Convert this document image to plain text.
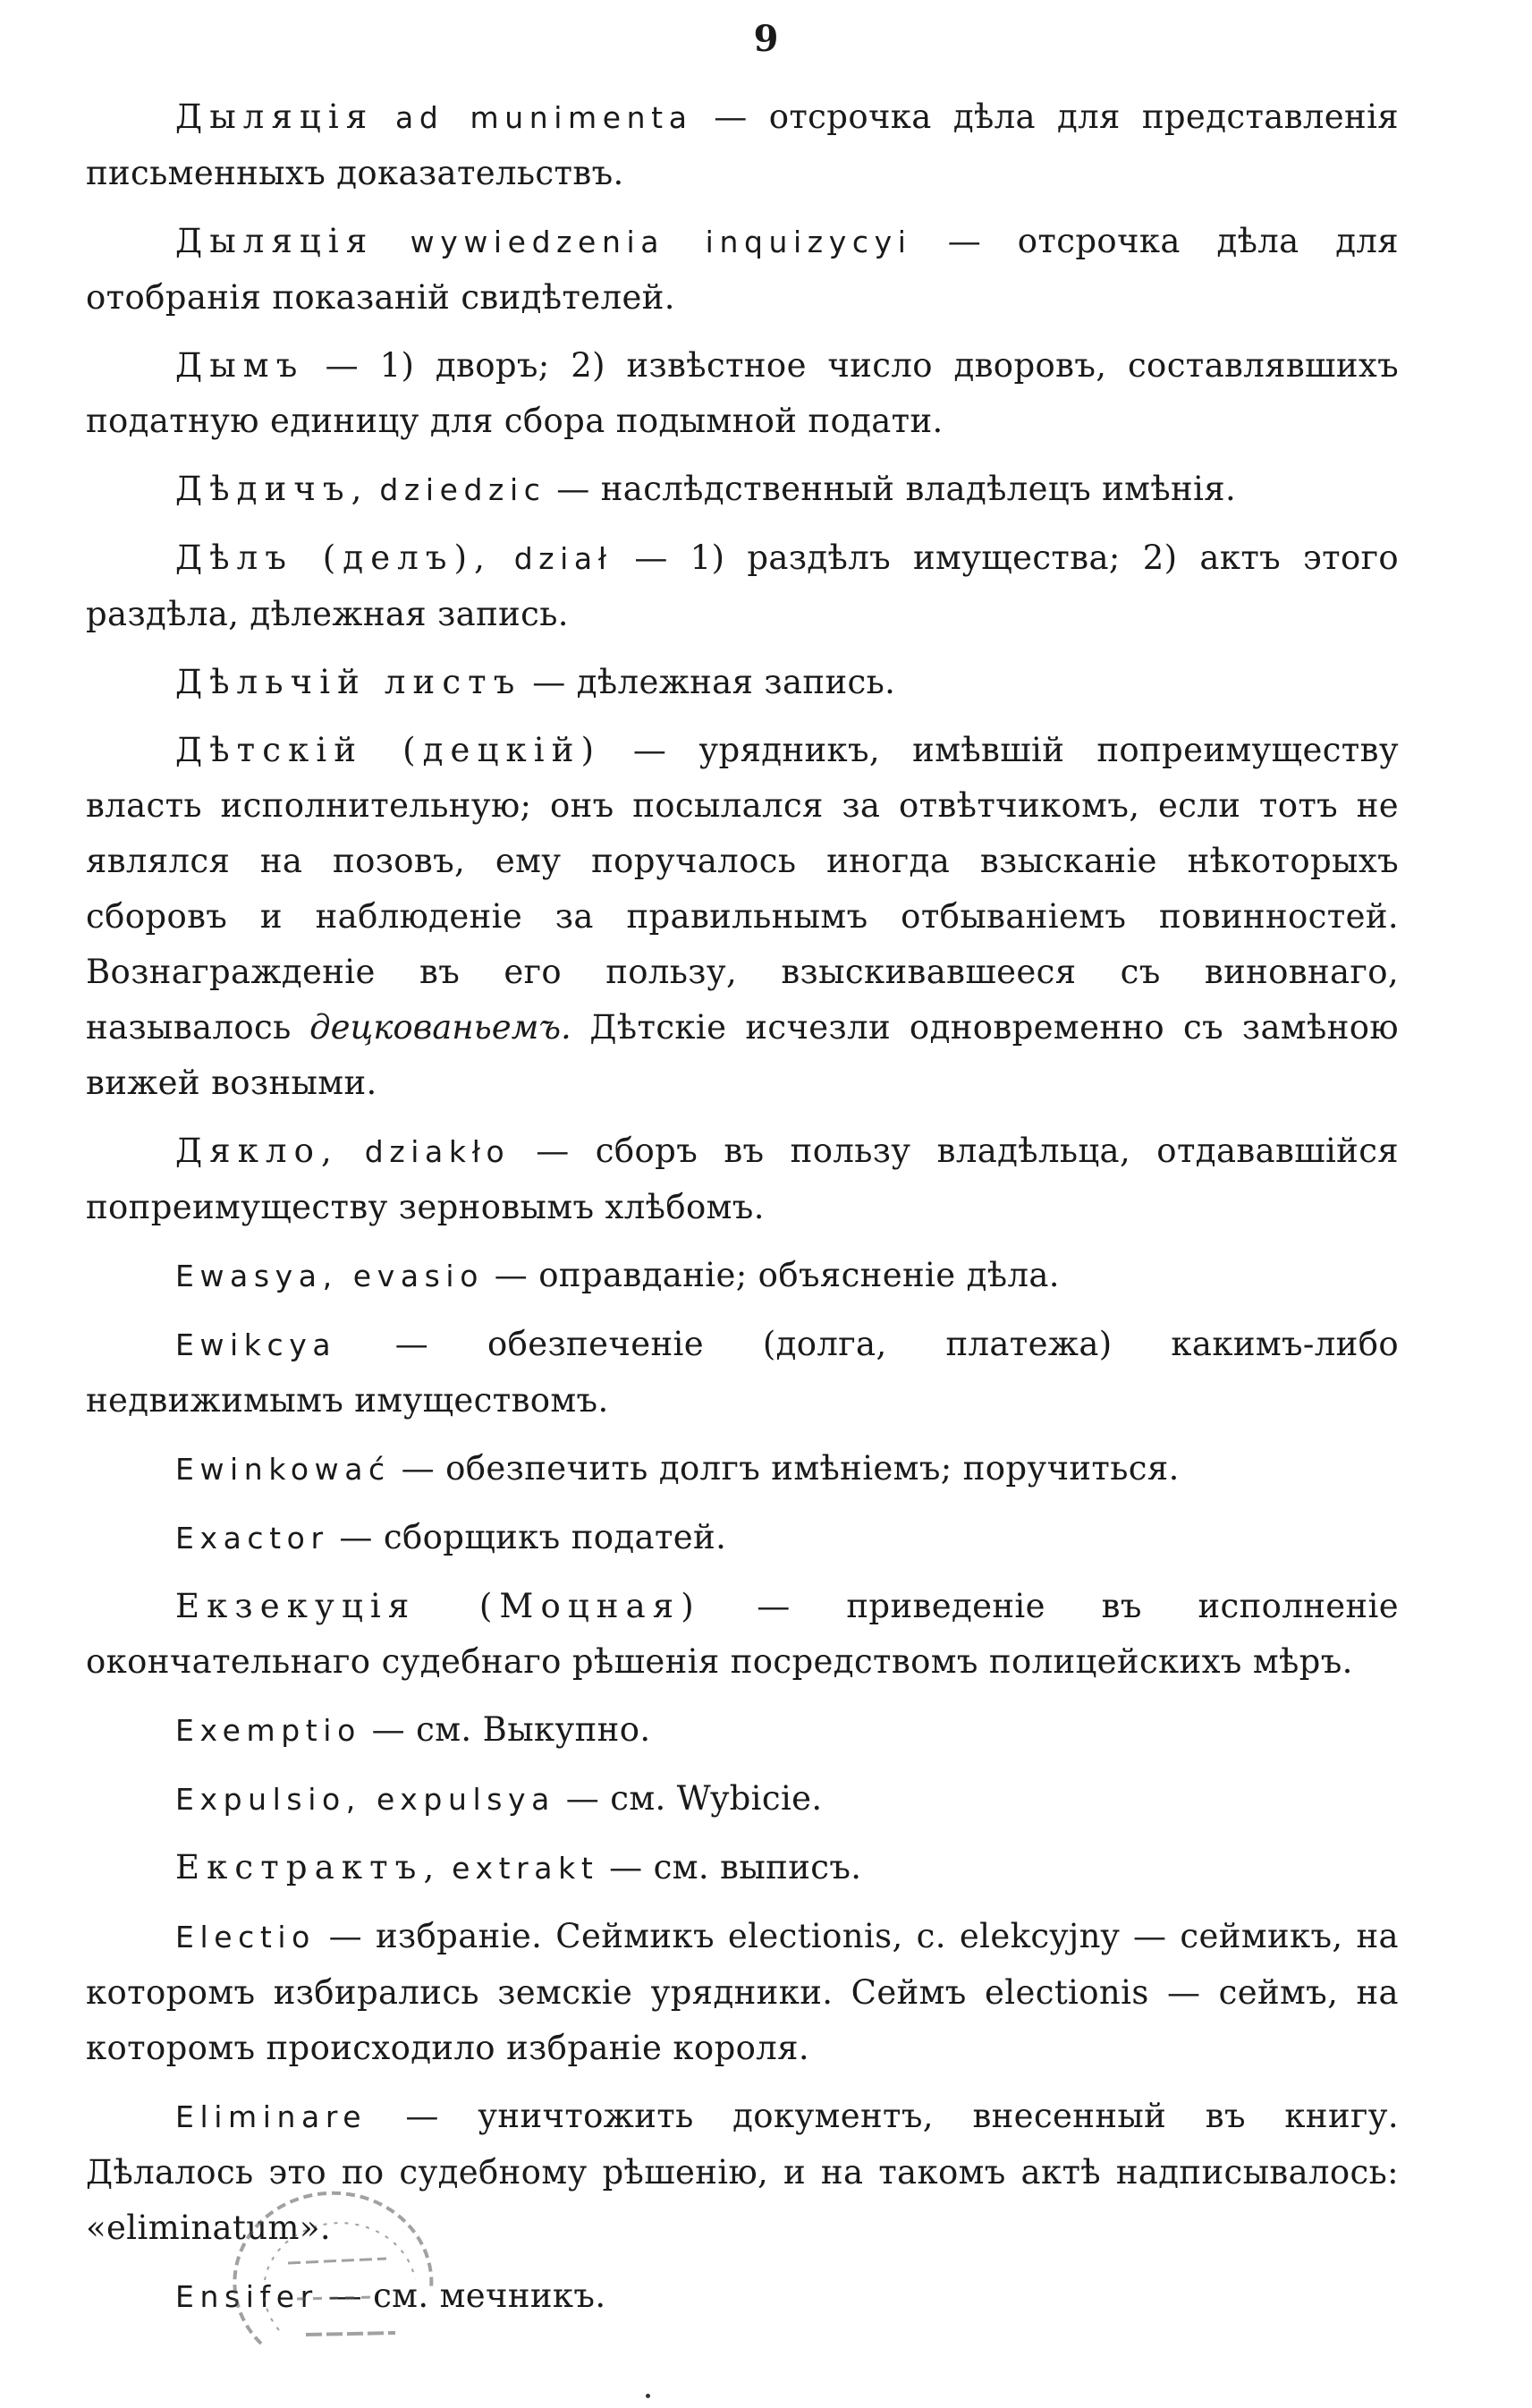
9

Дыляція ad munimenta — отсрочка дѣла для представленія письменныхъ доказательствъ.

Дыляція wywiedzenia inquizycyi — отсрочка дѣла для отобранія показаній свидѣтелей.

Дымъ — 1) дворъ; 2) извѣстное число дворовъ, составлявшихъ податную единицу для сбора подымной подати.

Дѣдичъ, dziedzic — наслѣдственный владѣлецъ имѣнія.

Дѣлъ (делъ), dział — 1) раздѣлъ имущества; 2) актъ этого раздѣла, дѣлежная запись.

Дѣльчій листъ — дѣлежная запись.

Дѣтскій (децкій) — урядникъ, имѣвшій попреимуществу власть исполнительную; онъ посылался за отвѣтчикомъ, если тотъ не являлся на позовъ, ему поручалось иногда взысканіе нѣкоторыхъ сборовъ и наблюденіе за правильнымъ отбываніемъ повинностей. Вознагражденіе въ его пользу, взыскивавшееся съ виновнаго, называлось децкованьемъ. Дѣтскіе исчезли одновременно съ замѣною вижей возными.

Дякло, dziakło — сборъ въ пользу владѣльца, отдававшійся попреимуществу зерновымъ хлѣбомъ.

Ewasya, evasio — оправданіе; объясненіе дѣла.

Ewikcya — обезпеченіе (долга, платежа) какимъ-либо недвижимымъ имуществомъ.

Ewinkować — обезпечить долгъ имѣніемъ; поручиться.

Exactor — сборщикъ податей.

Екзекуція (Моцная) — приведеніе въ исполненіе окончательнаго судебнаго рѣшенія посредствомъ полицейскихъ мѣръ.

Exemptio — см. Выкупно.

Expulsio, expulsya — см. Wybicie.

Екстрактъ, extrakt — см. выписъ.

Electio — избраніе. Сеймикъ electionis, c. elekcyjny — сеймикъ, на которомъ избирались земскіе урядники. Сеймъ electionis — сеймъ, на которомъ происходило избраніе короля.

Eliminare — уничтожить документъ, внесенный въ книгу. Дѣлалось это по судебному рѣшенію, и на такомъ актѣ надписывалось: «eliminatum».

Ensifer — см. мечникъ.
